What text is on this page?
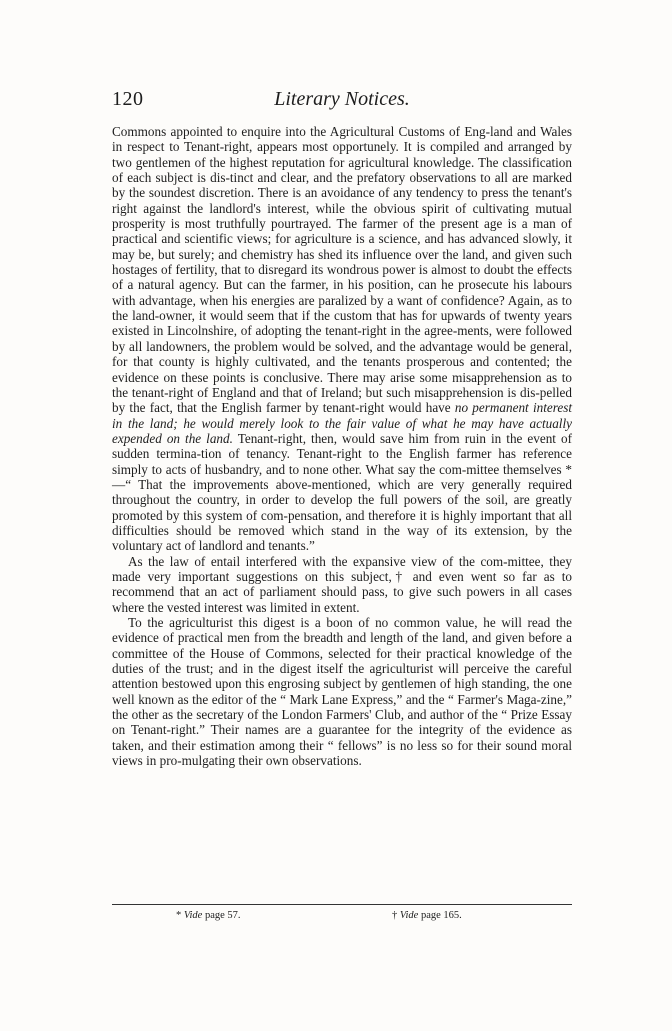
120	Literary Notices.

Commons appointed to enquire into the Agricultural Customs of Eng-land and Wales in respect to Tenant-right, appears most opportunely. It is compiled and arranged by two gentlemen of the highest reputation for agricultural knowledge. The classification of each subject is dis-tinct and clear, and the prefatory observations to all are marked by the soundest discretion. There is an avoidance of any tendency to press the tenant's right against the landlord's interest, while the obvious spirit of cultivating mutual prosperity is most truthfully pourtrayed. The farmer of the present age is a man of practical and scientific views; for agriculture is a science, and has advanced slowly, it may be, but surely; and chemistry has shed its influence over the land, and given such hostages of fertility, that to disregard its wondrous power is almost to doubt the effects of a natural agency. But can the farmer, in his position, can he prosecute his labours with advantage, when his energies are paralized by a want of confidence? Again, as to the land-owner, it would seem that if the custom that has for upwards of twenty years existed in Lincolnshire, of adopting the tenant-right in the agree-ments, were followed by all landowners, the problem would be solved, and the advantage would be general, for that county is highly cultivated, and the tenants prosperous and contented; the evidence on these points is conclusive. There may arise some misapprehension as to the tenant-right of England and that of Ireland; but such misapprehension is dis-pelled by the fact, that the English farmer by tenant-right would have no permanent interest in the land; he would merely look to the fair value of what he may have actually expended on the land. Tenant-right, then, would save him from ruin in the event of sudden termina-tion of tenancy. Tenant-right to the English farmer has reference simply to acts of husbandry, and to none other. What say the com-mittee themselves *—“ That the improvements above-mentioned, which are very generally required throughout the country, in order to develop the full powers of the soil, are greatly promoted by this system of com-pensation, and therefore it is highly important that all difficulties should be removed which stand in the way of its extension, by the voluntary act of landlord and tenants.”

As the law of entail interfered with the expansive view of the com-mittee, they made very important suggestions on this subject,† and even went so far as to recommend that an act of parliament should pass, to give such powers in all cases where the vested interest was limited in extent.

To the agriculturist this digest is a boon of no common value, he will read the evidence of practical men from the breadth and length of the land, and given before a committee of the House of Commons, selected for their practical knowledge of the duties of the trust; and in the digest itself the agriculturist will perceive the careful attention bestowed upon this engrosing subject by gentlemen of high standing, the one well known as the editor of the “ Mark Lane Express,” and the “ Farmer's Maga-zine,” the other as the secretary of the London Farmers' Club, and author of the “ Prize Essay on Tenant-right.” Their names are a guarantee for the integrity of the evidence as taken, and their estimation among their “ fellows” is no less so for their sound moral views in pro-mulgating their own observations.

* Vide page 57.	† Vide page 165.
